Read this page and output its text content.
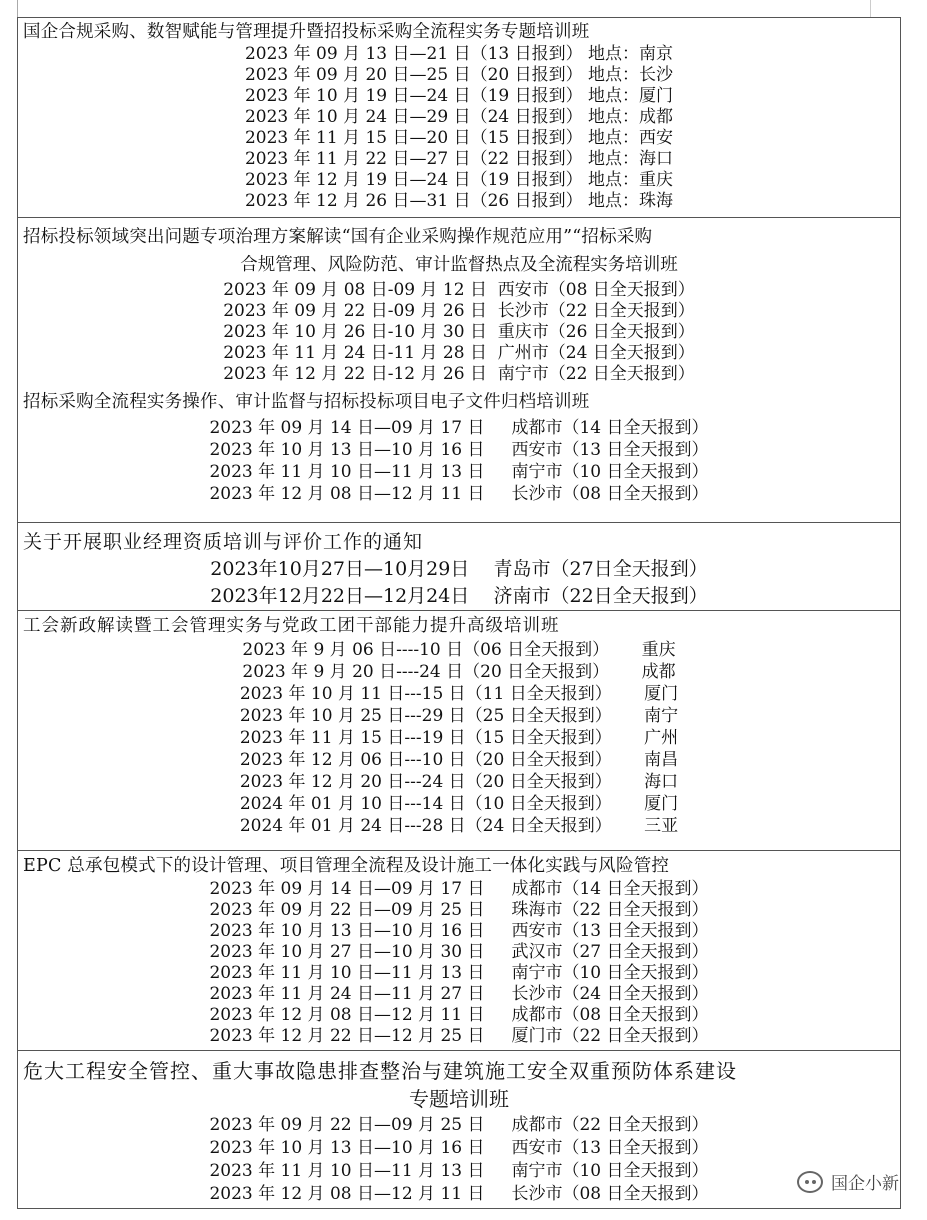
国企合规采购、数智赋能与管理提升暨招投标采购全流程实务专题培训班
2023 年 09 月 13 日—21 日（13 日报到） 地点：南京
2023 年 09 月 20 日—25 日（20 日报到） 地点：长沙
2023 年 10 月 19 日—24 日（19 日报到） 地点：厦门
2023 年 10 月 24 日—29 日（24 日报到） 地点：成都
2023 年 11 月 15 日—20 日（15 日报到） 地点：西安
2023 年 11 月 22 日—27 日（22 日报到） 地点：海口
2023 年 12 月 19 日—24 日（19 日报到） 地点：重庆
2023 年 12 月 26 日—31 日（26 日报到） 地点：珠海
招标投标领域突出问题专项治理方案解读“国有企业采购操作规范应用”“招标采购
合规管理、风险防范、审计监督热点及全流程实务培训班
2023 年 09 月 08 日-09 月 12 日  西安市（08 日全天报到）
2023 年 09 月 22 日-09 月 26 日  长沙市（22 日全天报到）
2023 年 10 月 26 日-10 月 30 日  重庆市（26 日全天报到）
2023 年 11 月 24 日-11 月 28 日  广州市（24 日全天报到）
2023 年 12 月 22 日-12 月 26 日  南宁市（22 日全天报到）
招标采购全流程实务操作、审计监督与招标投标项目电子文件归档培训班
2023 年 09 月 14 日—09 月 17 日     成都市（14 日全天报到）
2023 年 10 月 13 日—10 月 16 日     西安市（13 日全天报到）
2023 年 11 月 10 日—11 月 13 日     南宁市（10 日全天报到）
2023 年 12 月 08 日—12 月 11 日     长沙市（08 日全天报到）
关于开展职业经理资质培训与评价工作的通知
2023年10月27日—10月29日    青岛市（27日全天报到）
2023年12月22日—12月24日    济南市（22日全天报到）
工会新政解读暨工会管理实务与党政工团干部能力提升高级培训班
2023 年 9 月 06 日----10 日（06 日全天报到）      重庆
2023 年 9 月 20 日----24 日（20 日全天报到）      成都
2023 年 10 月 11 日---15 日（11 日全天报到）      厦门
2023 年 10 月 25 日---29 日（25 日全天报到）      南宁
2023 年 11 月 15 日---19 日（15 日全天报到）      广州
2023 年 12 月 06 日---10 日（20 日全天报到）      南昌
2023 年 12 月 20 日---24 日（20 日全天报到）      海口
2024 年 01 月 10 日---14 日（10 日全天报到）      厦门
2024 年 01 月 24 日---28 日（24 日全天报到）      三亚
EPC 总承包模式下的设计管理、项目管理全流程及设计施工一体化实践与风险管控
2023 年 09 月 14 日—09 月 17 日     成都市（14 日全天报到）
2023 年 09 月 22 日—09 月 25 日     珠海市（22 日全天报到）
2023 年 10 月 13 日—10 月 16 日     西安市（13 日全天报到）
2023 年 10 月 27 日—10 月 30 日     武汉市（27 日全天报到）
2023 年 11 月 10 日—11 月 13 日     南宁市（10 日全天报到）
2023 年 11 月 24 日—11 月 27 日     长沙市（24 日全天报到）
2023 年 12 月 08 日—12 月 11 日     成都市（08 日全天报到）
2023 年 12 月 22 日—12 月 25 日     厦门市（22 日全天报到）
危大工程安全管控、重大事故隐患排查整治与建筑施工安全双重预防体系建设
专题培训班
2023 年 09 月 22 日—09 月 25 日     成都市（22 日全天报到）
2023 年 10 月 13 日—10 月 16 日     西安市（13 日全天报到）
2023 年 11 月 10 日—11 月 13 日     南宁市（10 日全天报到）
2023 年 12 月 08 日—12 月 11 日     长沙市（08 日全天报到）	国企小新
